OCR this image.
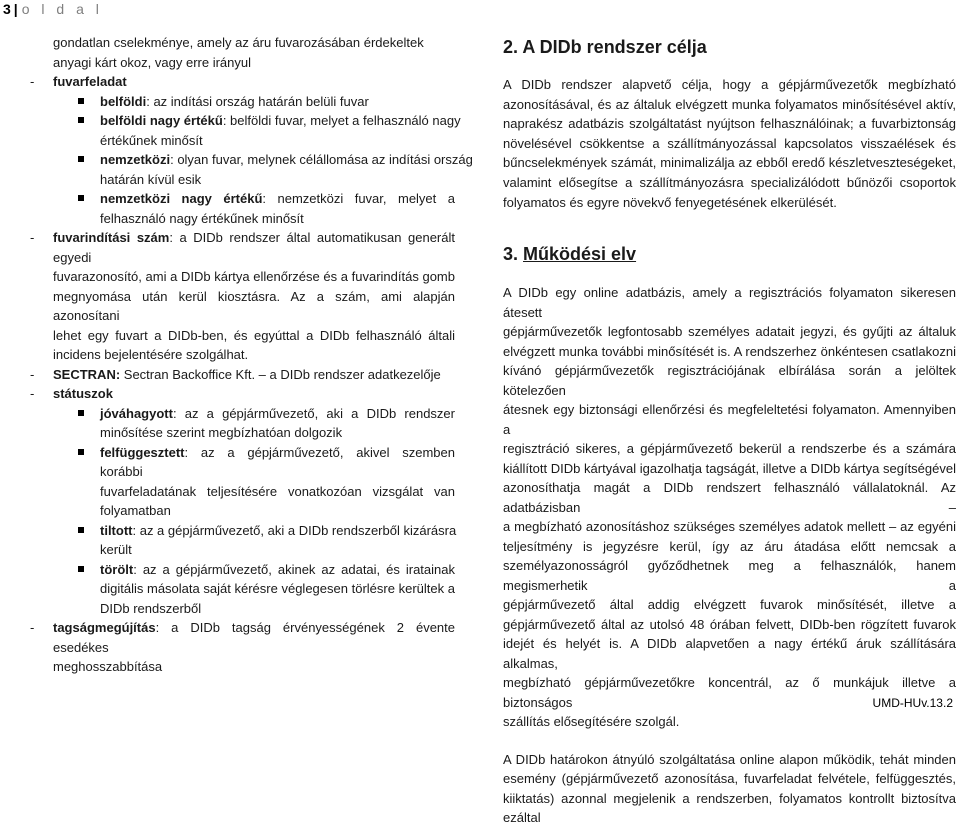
3 | o l d a l
gondatlan cselekménye, amely az áru fuvarozásában érdekeltek
anyagi kárt okoz, vagy erre irányul
-	fuvarfeladat
belföldi: az indítási ország határán belüli fuvar
belföldi nagy értékű: belföldi fuvar, melyet a felhasználó nagy
értékűnek minősít
nemzetközi: olyan fuvar, melynek célállomása az indítási ország
határán kívül esik
nemzetközi nagy értékű: nemzetközi fuvar, melyet a
felhasználó nagy értékűnek minősít
- fuvarindítási szám: a DIDb rendszer által automatikusan generált egyedi
fuvarazonosító, ami a DIDb kártya ellenőrzése és a fuvarindítás gomb
megnyomása után kerül kiosztásra. Az a szám, ami alapján azonosítani
lehet egy fuvart a DIDb-ben, és egyúttal a DIDb felhasználó általi
incidens bejelentésére szolgálhat.
- SECTRAN: Sectran Backoffice Kft. – a DIDb rendszer adatkezelője
-	státuszok
jóváhagyott: az a gépjárművezető, aki a DIDb rendszer
minősítése szerint megbízhatóan dolgozik
felfüggesztett: az a gépjárművezető, akivel szemben korábbi
fuvarfeladatának teljesítésére vonatkozóan vizsgálat van
folyamatban
tiltott: az a gépjárművezető, aki a DIDb rendszerből kizárásra
került
törölt: az a gépjárművezető, akinek az adatai, és iratainak
digitális másolata saját kérésre véglegesen törlésre kerültek a
DIDb rendszerből
- tagságmegújítás: a DIDb tagság érvényességének 2 évente esedékes
meghosszabbítása
2. A DIDb rendszer célja
A DIDb rendszer alapvető célja, hogy a gépjárművezetők megbízható
azonosításával, és az általuk elvégzett munka folyamatos minősítésével aktív,
naprakész adatbázis szolgáltatást nyújtson felhasználóinak; a fuvarbiztonság
növelésével csökkentse a szállítmányozással kapcsolatos visszaélések és
bűncselekmények számát, minimalizálja az ebből eredő készletveszteségeket,
valamint elősegítse a szállítmányozásra specializálódott bűnözői csoportok
folyamatos és egyre növekvő fenyegetésének elkerülését.
3. Működési elv
A DIDb egy online adatbázis, amely a regisztrációs folyamaton sikeresen átesett
gépjárművezetők legfontosabb személyes adatait jegyzi, és gyűjti az általuk
elvégzett munka további minősítését is. A rendszerhez önkéntesen csatlakozni
kívánó gépjárművezetők regisztrációjának elbírálása során a jelöltek kötelezően
átesnek egy biztonsági ellenőrzési és megfeleltetési folyamaton. Amennyiben a
regisztráció sikeres, a gépjárművezető bekerül a rendszerbe és a számára
kiállított DIDb kártyával igazolhatja tagságát, illetve a DIDb kártya segítségével
azonosíthatja magát a DIDb rendszert felhasználó vállalatoknál. Az adatbázisban –
a megbízható azonosításhoz szükséges személyes adatok mellett – az egyéni
teljesítmény is jegyzésre kerül, így az áru átadása előtt nemcsak a
személyazonosságról győződhetnek meg a felhasználók, hanem megismerhetik a
gépjárművezető által addig elvégzett fuvarok minősítését, illetve a
gépjárművezető által az utolsó 48 órában felvett, DIDb-ben rögzített fuvarok
idejét és helyét is. A DIDb alapvetően a nagy értékű áruk szállítására alkalmas,
megbízható gépjárművezetőkre koncentrál, az ő munkájuk illetve a biztonságos
szállítás elősegítésére szolgál.
A DIDb határokon átnyúló szolgáltatása online alapon működik, tehát minden
esemény (gépjárművezető azonosítása, fuvarfeladat felvétele, felfüggesztés,
kiiktatás) azonnal megjelenik a rendszerben, folyamatos kontrollt biztosítva ezáltal
UMD-HUv.13.2
